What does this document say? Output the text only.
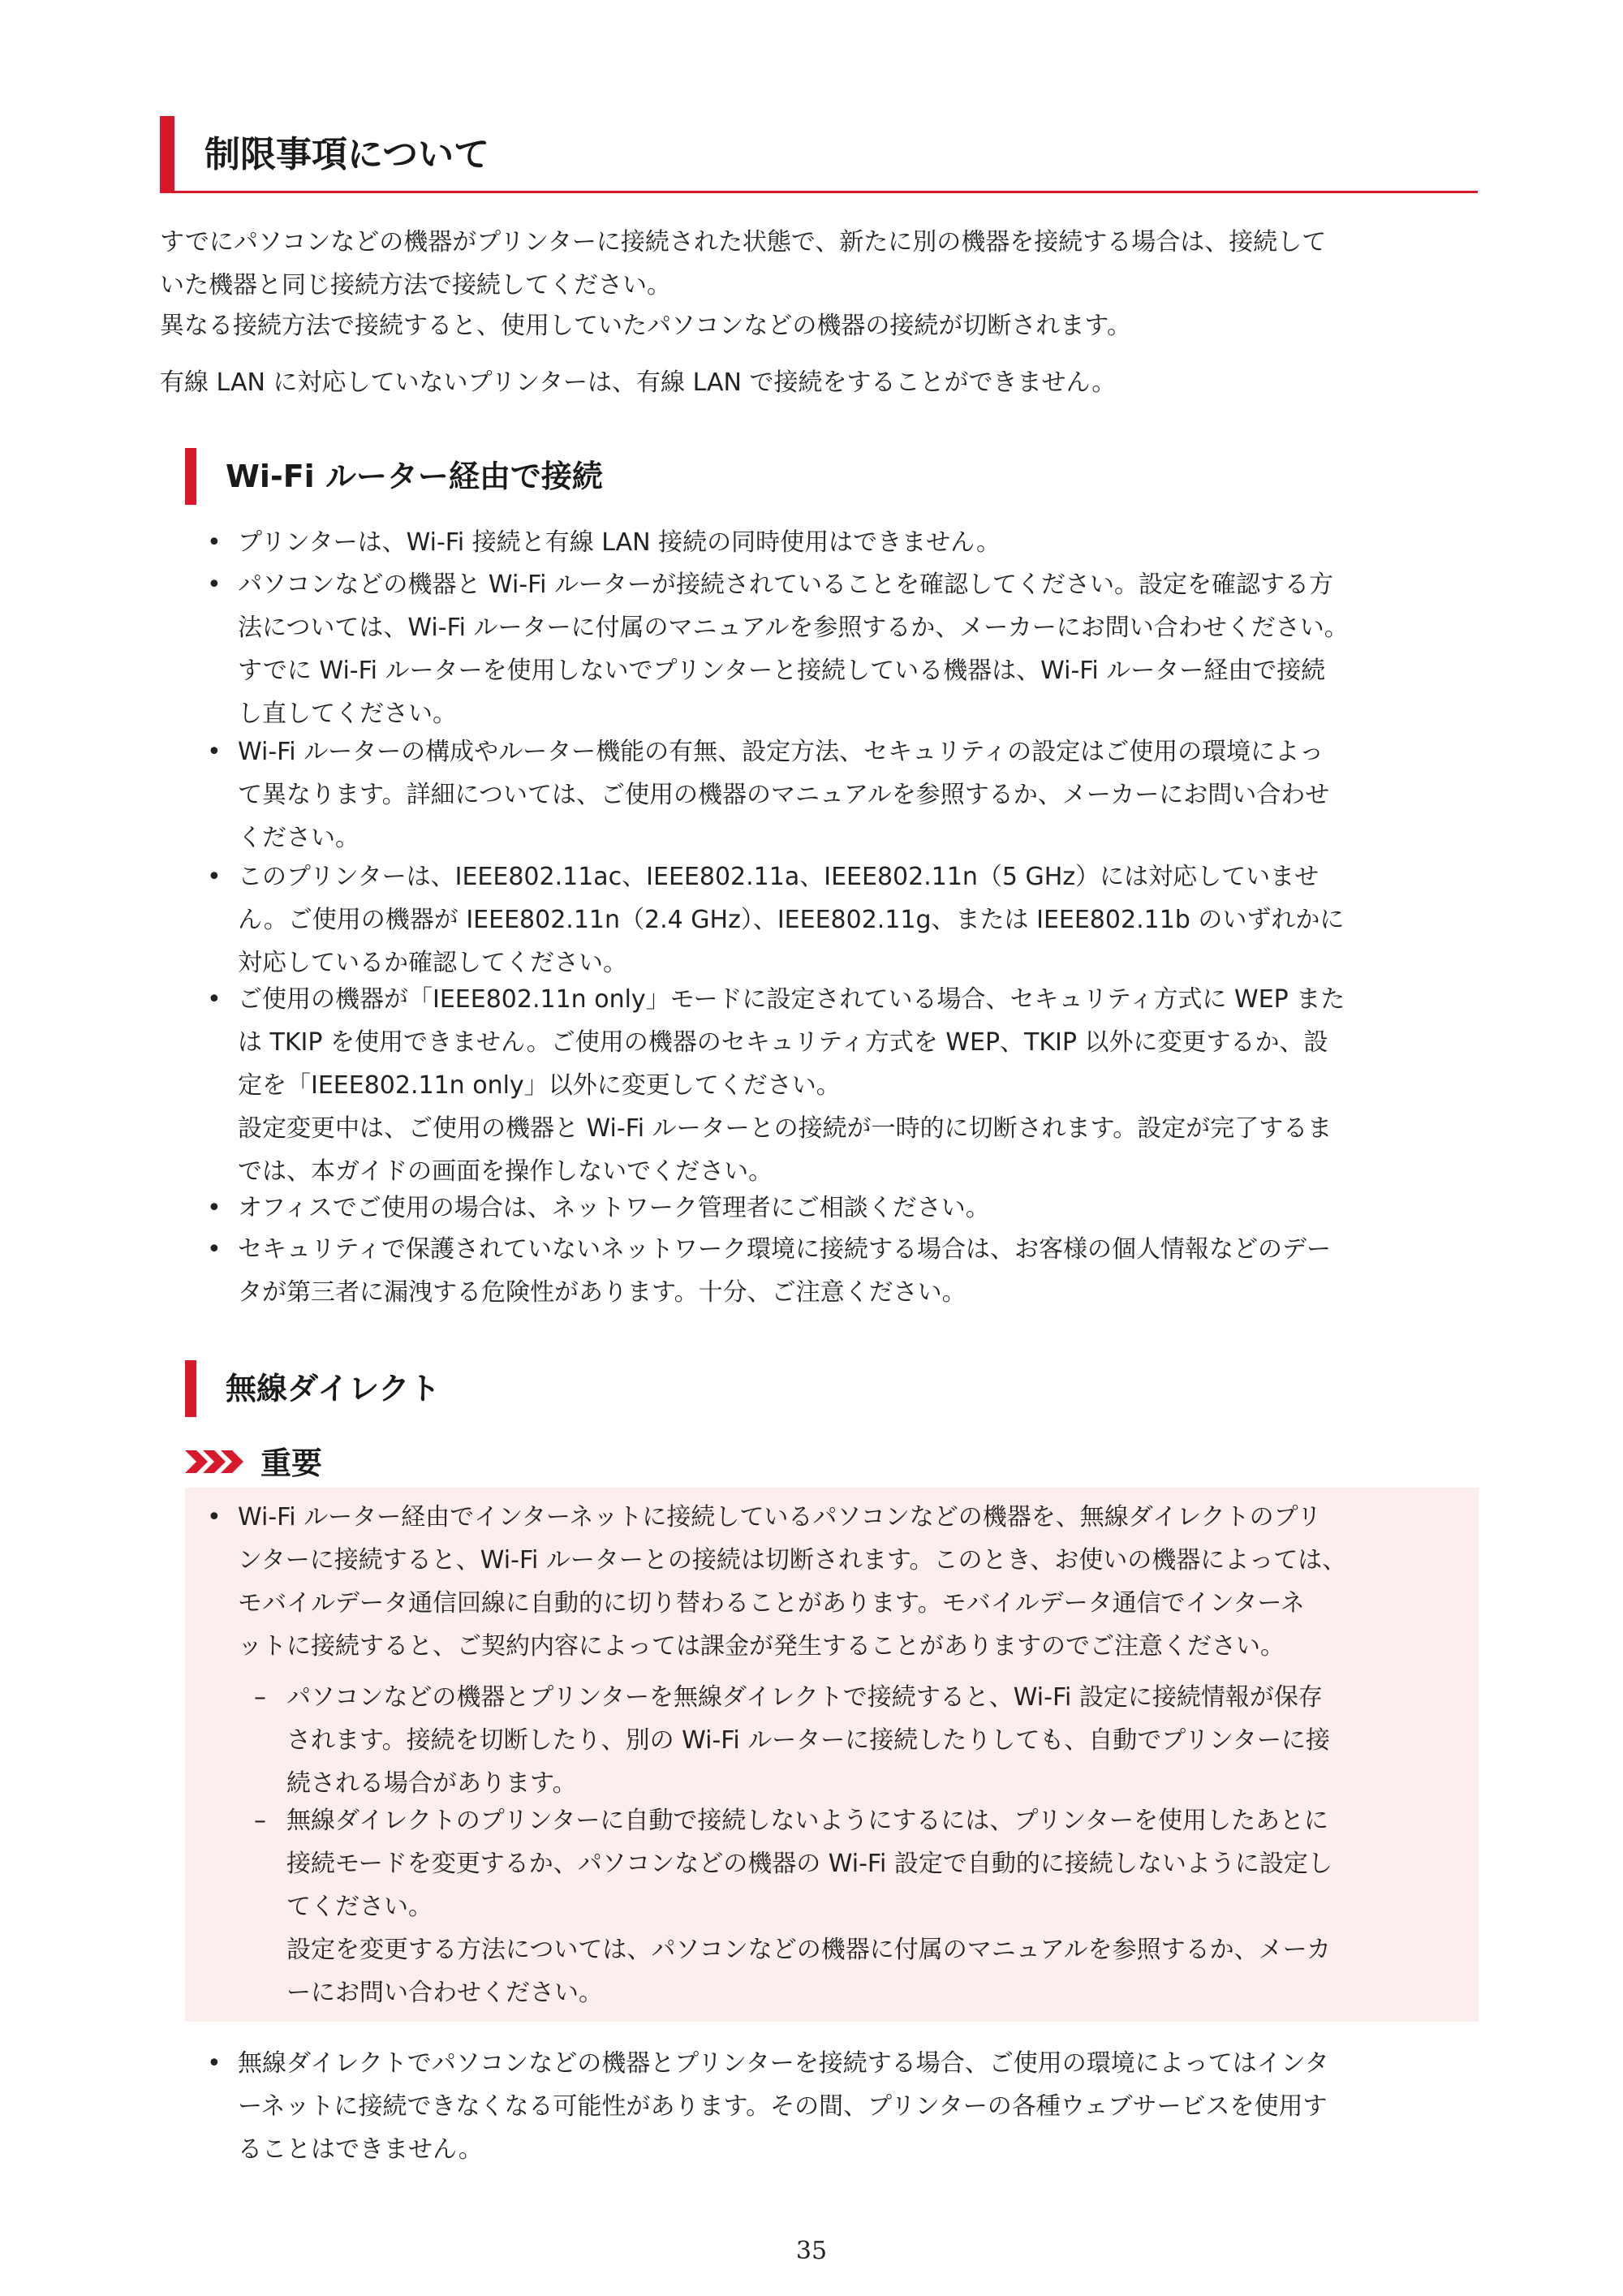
制限事項について
すでにパソコンなどの機器がプリンターに接続された状態で、新たに別の機器を接続する場合は、接続して
いた機器と同じ接続方法で接続してください。
異なる接続方法で接続すると、使用していたパソコンなどの機器の接続が切断されます。
有線 LAN に対応していないプリンターは、有線 LAN で接続をすることができません。
Wi-Fi ルーター経由で接続
• プリンターは、Wi-Fi 接続と有線 LAN 接続の同時使用はできません。
• パソコンなどの機器と Wi-Fi ルーターが接続されていることを確認してください。設定を確認する方
法については、Wi-Fi ルーターに付属のマニュアルを参照するか、メーカーにお問い合わせください。
すでに Wi-Fi ルーターを使用しないでプリンターと接続している機器は、Wi-Fi ルーター経由で接続
し直してください。
• Wi-Fi ルーターの構成やルーター機能の有無、設定方法、セキュリティの設定はご使用の環境によっ
て異なります。詳細については、ご使用の機器のマニュアルを参照するか、メーカーにお問い合わせ
ください。
• このプリンターは、IEEE802.11ac、IEEE802.11a、IEEE802.11n（5 GHz）には対応していませ
ん。ご使用の機器が IEEE802.11n（2.4 GHz）、IEEE802.11g、または IEEE802.11b のいずれかに
対応しているか確認してください。
• ご使用の機器が「IEEE802.11n only」モードに設定されている場合、セキュリティ方式に WEP また
は TKIP を使用できません。ご使用の機器のセキュリティ方式を WEP、TKIP 以外に変更するか、設
定を「IEEE802.11n only」以外に変更してください。
設定変更中は、ご使用の機器と Wi-Fi ルーターとの接続が一時的に切断されます。設定が完了するま
では、本ガイドの画面を操作しないでください。
• オフィスでご使用の場合は、ネットワーク管理者にご相談ください。
• セキュリティで保護されていないネットワーク環境に接続する場合は、お客様の個人情報などのデー
タが第三者に漏洩する危険性があります。十分、ご注意ください。
無線ダイレクト
重要
• Wi-Fi ルーター経由でインターネットに接続しているパソコンなどの機器を、無線ダイレクトのプリ
ンターに接続すると、Wi-Fi ルーターとの接続は切断されます。このとき、お使いの機器によっては、
モバイルデータ通信回線に自動的に切り替わることがあります。モバイルデータ通信でインターネ
ットに接続すると、ご契約内容によっては課金が発生することがありますのでご注意ください。
– パソコンなどの機器とプリンターを無線ダイレクトで接続すると、Wi-Fi 設定に接続情報が保存
されます。接続を切断したり、別の Wi-Fi ルーターに接続したりしても、自動でプリンターに接
続される場合があります。
– 無線ダイレクトのプリンターに自動で接続しないようにするには、プリンターを使用したあとに
接続モードを変更するか、パソコンなどの機器の Wi-Fi 設定で自動的に接続しないように設定し
てください。
設定を変更する方法については、パソコンなどの機器に付属のマニュアルを参照するか、メーカ
ーにお問い合わせください。
• 無線ダイレクトでパソコンなどの機器とプリンターを接続する場合、ご使用の環境によってはインタ
ーネットに接続できなくなる可能性があります。その間、プリンターの各種ウェブサービスを使用す
ることはできません。
35
